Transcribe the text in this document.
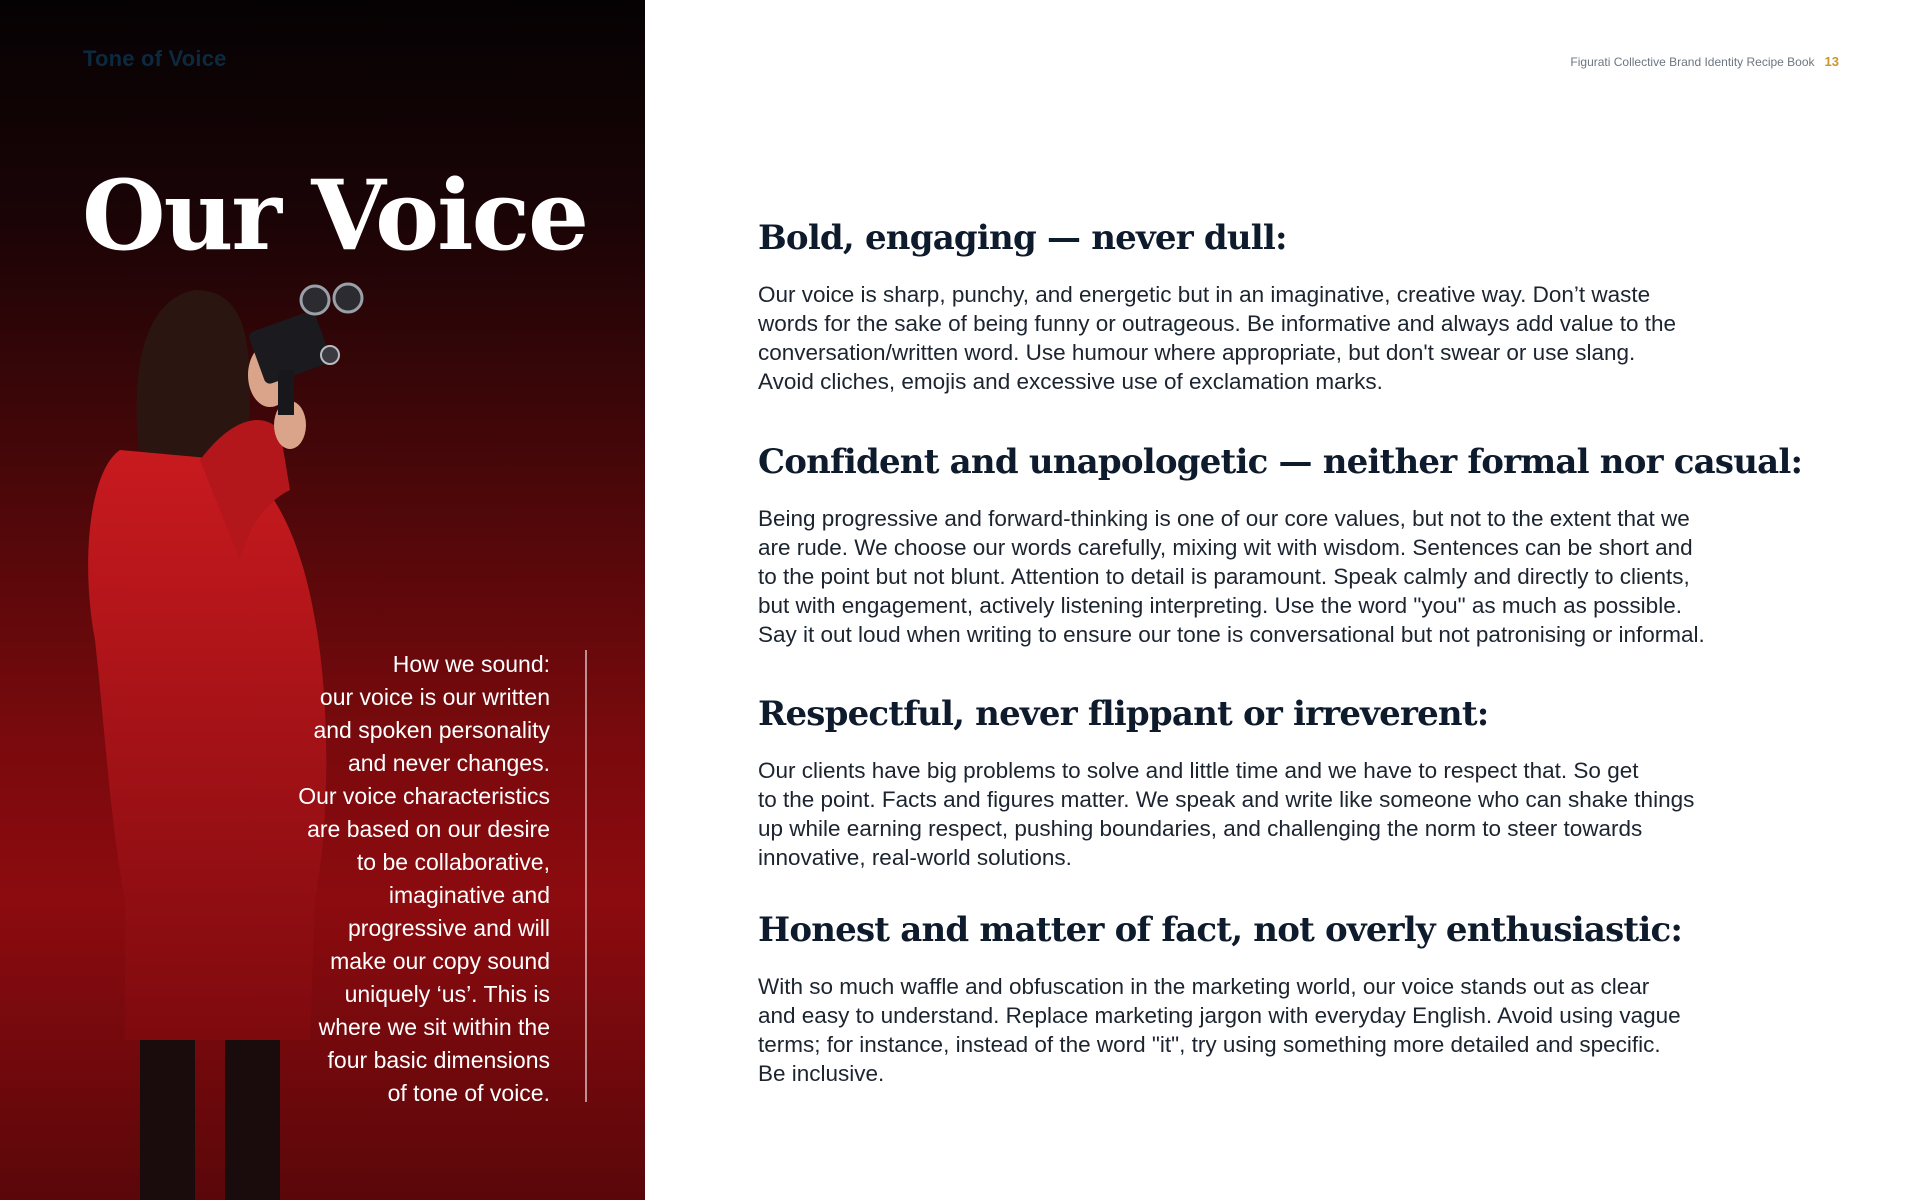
Tone of Voice
Our Voice

How we sound:
our voice is our written
and spoken personality
and never changes.
Our voice characteristics
are based on our desire
to be collaborative,
imaginative and
progressive and will
make our copy sound
uniquely ‘us’. This is
where we sit within the
four basic dimensions
of tone of voice.

Figurati Collective Brand Identity Recipe Book 13
Bold, engaging — never dull:

Our voice is sharp, punchy, and energetic but in an imaginative, creative way. Don’t waste
words for the sake of being funny or outrageous. Be informative and always add value to the
conversation/written word. Use humour where appropriate, but don't swear or use slang.
Avoid cliches, emojis and excessive use of exclamation marks.

Confident and unapologetic — neither formal nor casual:

Being progressive and forward-thinking is one of our core values, but not to the extent that we
are rude. We choose our words carefully, mixing wit with wisdom. Sentences can be short and
to the point but not blunt. Attention to detail is paramount. Speak calmly and directly to clients,
but with engagement, actively listening interpreting. Use the word "you" as much as possible.
Say it out loud when writing to ensure our tone is conversational but not patronising or informal.

Respectful, never flippant or irreverent:

Our clients have big problems to solve and little time and we have to respect that. So get
to the point. Facts and figures matter. We speak and write like someone who can shake things
up while earning respect, pushing boundaries, and challenging the norm to steer towards
innovative, real-world solutions.

Honest and matter of fact, not overly enthusiastic:

With so much waffle and obfuscation in the marketing world, our voice stands out as clear
and easy to understand. Replace marketing jargon with everyday English. Avoid using vague
terms; for instance, instead of the word "it", try using something more detailed and specific.
Be inclusive.
